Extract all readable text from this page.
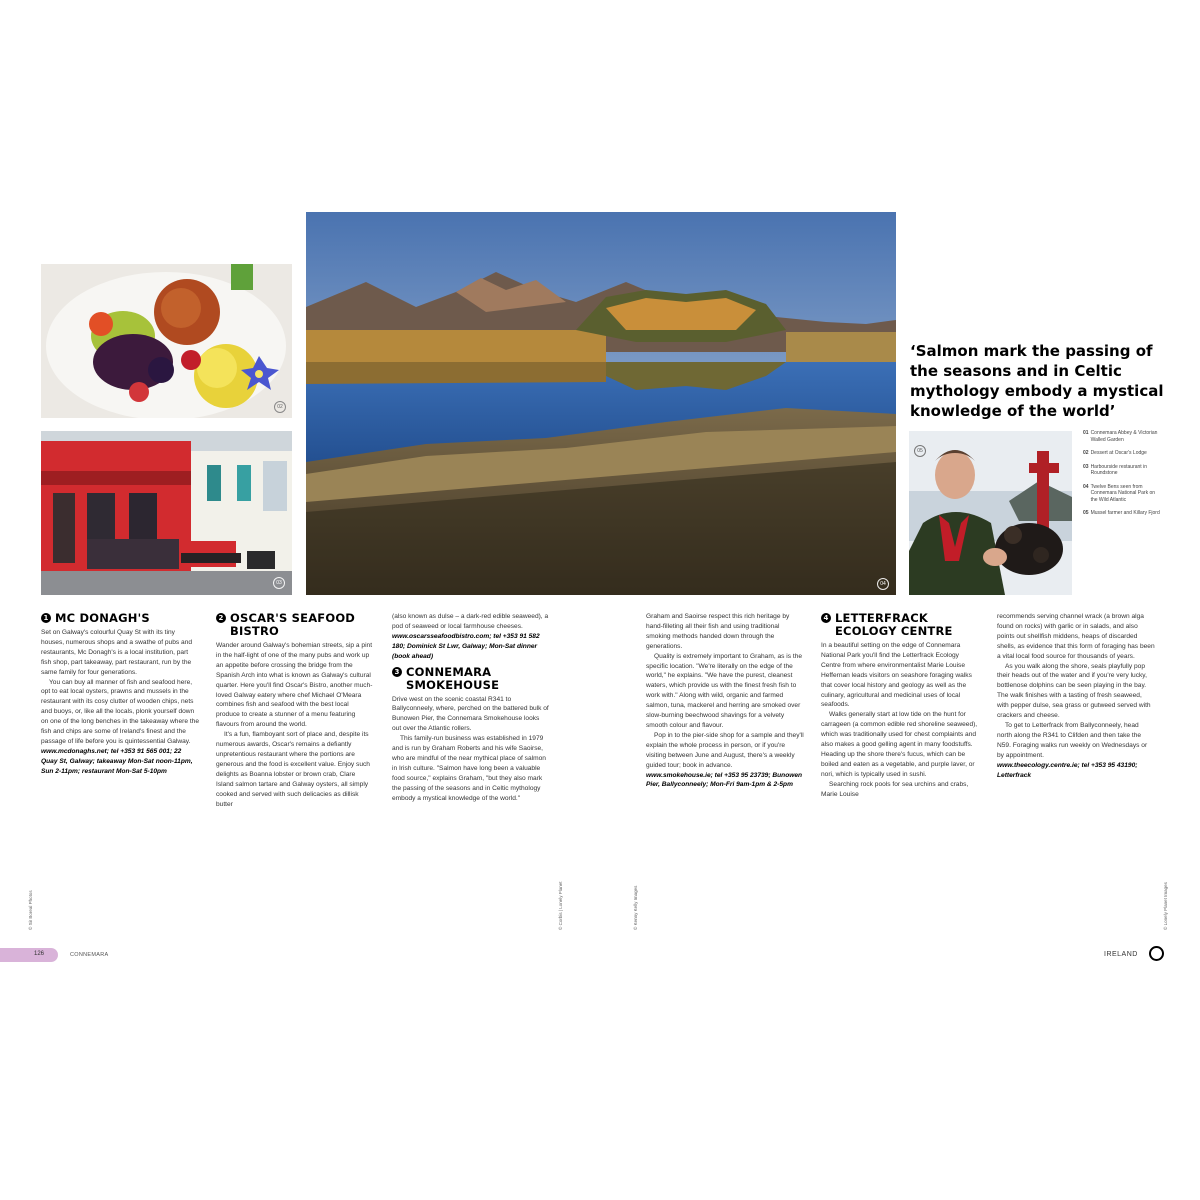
02
03	04
05
‘Salmon mark the passing of the seasons and in Celtic mythology embody a mystical knowledge of the world’
01 Connemara Abbey & Victorian Walled Garden
02 Dessert at Oscar's Lodge
03 Harbourside restaurant in Roundstone
04 Twelve Bens seen from Connemara National Park on the Wild Atlantic
05 Mussel farmer and Killary Fjord
1 MC DONAGH'S

Set on Galway's colourful Quay St with its tiny houses, numerous shops and a swathe of pubs and restaurants, Mc Donagh's is a local institution, part fish shop, part takeaway, part restaurant, run by the same family for four generations.

You can buy all manner of fish and seafood here, opt to eat local oysters, prawns and mussels in the restaurant with its cosy clutter of wooden chips, nets and buoys, or, like all the locals, plonk yourself down on one of the long benches in the takeaway where the fish and chips are some of Ireland's finest and the passage of life before you is quintessential Galway.

www.mcdonaghs.net; tel +353 91 565 001; 22 Quay St, Galway; takeaway Mon-Sat noon-11pm, Sun 2-11pm; restaurant Mon-Sat 5-10pm

2 OSCAR'S SEAFOOD BISTRO

Wander around Galway's bohemian streets, sip a pint in the half-light of one of the many pubs and work up an appetite before crossing the bridge from the Spanish Arch into what is known as Galway's cultural quarter. Here you'll find Oscar's Bistro, another much-loved Galway eatery where chef Michael O'Meara combines fish and seafood with the best local produce to create a stunner of a menu featuring flavours from around the world.

It's a fun, flamboyant sort of place and, despite its numerous awards, Oscar's remains a defiantly unpretentious restaurant where the portions are generous and the food is excellent value. Enjoy such delights as Boanna lobster or brown crab, Clare Island salmon tartare and Galway oysters, all simply cooked and served with such delicacies as dillisk butter

(also known as dulse – a dark-red edible seaweed), a pod of seaweed or local farmhouse cheeses.

www.oscarsseafoodbistro.com; tel +353 91 582 180; Dominick St Lwr, Galway; Mon-Sat dinner (book ahead)

3 CONNEMARA SMOKEHOUSE

Drive west on the scenic coastal R341 to Ballyconneely, where, perched on the battered bulk of Bunowen Pier, the Connemara Smokehouse looks out over the Atlantic rollers.

This family-run business was established in 1979 and is run by Graham Roberts and his wife Saoirse, who are mindful of the near mythical place of salmon in Irish culture. "Salmon have long been a valuable food source," explains Graham, "but they also mark the passing of the seasons and in Celtic mythology embody a mystical knowledge of the world."

Graham and Saoirse respect this rich heritage by hand-filleting all their fish and using traditional smoking methods handed down through the generations.

Quality is extremely important to Graham, as is the specific location. "We're literally on the edge of the world," he explains. "We have the purest, cleanest waters, which provide us with the finest fresh fish to work with." Along with wild, organic and farmed salmon, tuna, mackerel and herring are smoked over slow-burning beechwood shavings for a velvety smooth colour and flavour.

Pop in to the pier-side shop for a sample and they'll explain the whole process in person, or if you're visiting between June and August, there's a weekly guided tour; book in advance.

www.smokehouse.ie; tel +353 95 23739; Bunowen Pier, Ballyconneely; Mon-Fri 9am-1pm & 2-5pm

4 LETTERFRACK ECOLOGY CENTRE

In a beautiful setting on the edge of Connemara National Park you'll find the Letterfrack Ecology Centre from where environmentalist Marie Louise Heffernan leads visitors on seashore foraging walks that cover local history and geology as well as the culinary, agricultural and medicinal uses of local seafoods.

Walks generally start at low tide on the hunt for carrageen (a common edible red shoreline seaweed), which was traditionally used for chest complaints and also makes a good gelling agent in many foodstuffs. Heading up the shore there's fucus, which can be boiled and eaten as a vegetable, and purple laver, or nori, which is typically used in sushi.

Searching rock pools for sea urchins and crabs, Marie Louise

recommends serving channel wrack (a brown alga found on rocks) with garlic or in salads, and also points out shellfish middens, heaps of discarded shells, as evidence that this form of foraging has been a vital local food source for thousands of years.

As you walk along the shore, seals playfully pop their heads out of the water and if you're very lucky, bottlenose dolphins can be seen playing in the bay. The walk finishes with a tasting of fresh seaweed, with pepper dulse, sea grass or gutweed served with crackers and cheese.

To get to Letterfrack from Ballyconneely, head north along the R341 to Clifden and then take the N59. Foraging walks run weekly on Wednesdays or by appointment.

www.theecology.centre.ie; tel +353 95 43190; Letterfrack

© Sir Boreal Photos	© Corbis | Lonely Planet	© Kenny Kelly Images	© Lonely Planet Images
126	CONNEMARA	IRELAND
